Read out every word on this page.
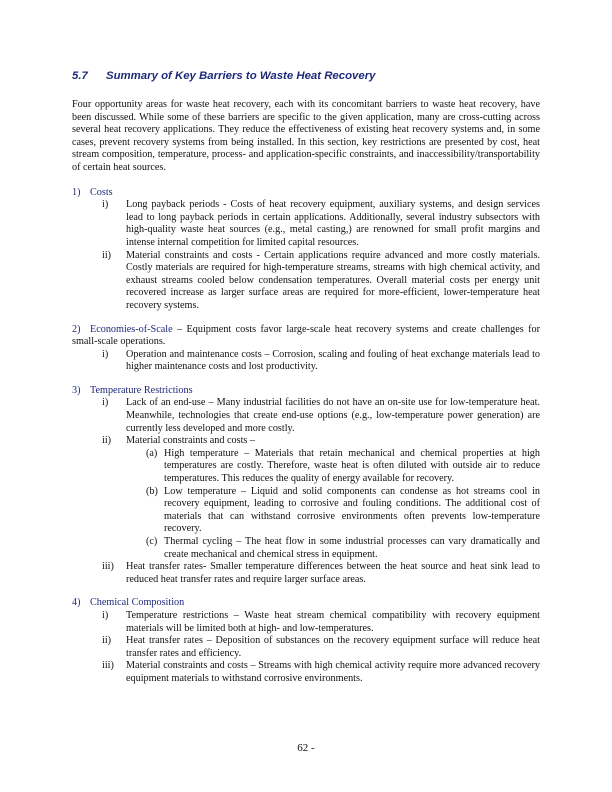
5.7	Summary of Key Barriers to Waste Heat Recovery

Four opportunity areas for waste heat recovery, each with its concomitant barriers to waste heat recovery, have been discussed. While some of these barriers are specific to the given application, many are cross-cutting across several heat recovery applications. They reduce the effectiveness of existing heat recovery systems and, in some cases, prevent recovery systems from being installed. In this section, key restrictions are presented by cost, heat stream composition, temperature, process- and application-specific constraints, and inaccessibility/transportability of certain heat sources.

1) Costs
i)	Long payback periods - Costs of heat recovery equipment, auxiliary systems, and design services lead to long payback periods in certain applications. Additionally, several industry subsectors with high-quality waste heat sources (e.g., metal casting,) are renowned for small profit margins and intense internal competition for limited capital resources.
ii)	Material constraints and costs - Certain applications require advanced and more costly materials. Costly materials are required for high-temperature streams, streams with high chemical activity, and exhaust streams cooled below condensation temperatures. Overall material costs per energy unit recovered increase as larger surface areas are required for more-efficient, lower-temperature heat recovery systems.
2) Economies-of-Scale – Equipment costs favor large-scale heat recovery systems and create challenges for small-scale operations.
i)	Operation and maintenance costs – Corrosion, scaling and fouling of heat exchange materials lead to higher maintenance costs and lost productivity.
3) Temperature Restrictions
i)	Lack of an end-use – Many industrial facilities do not have an on-site use for low-temperature heat. Meanwhile, technologies that create end-use options (e.g., low-temperature power generation) are currently less developed and more costly.
ii)	Material constraints and costs –
(a) High temperature – Materials that retain mechanical and chemical properties at high temperatures are costly. Therefore, waste heat is often diluted with outside air to reduce temperatures. This reduces the quality of energy available for recovery.
(b) Low temperature – Liquid and solid components can condense as hot streams cool in recovery equipment, leading to corrosive and fouling conditions. The additional cost of materials that can withstand corrosive environments often prevents low-temperature recovery.
(c) Thermal cycling – The heat flow in some industrial processes can vary dramatically and create mechanical and chemical stress in equipment.
iii)	Heat transfer rates- Smaller temperature differences between the heat source and heat sink lead to reduced heat transfer rates and require larger surface areas.
4) Chemical Composition
i)	Temperature restrictions – Waste heat stream chemical compatibility with recovery equipment materials will be limited both at high- and low-temperatures.
ii)	Heat transfer rates – Deposition of substances on the recovery equipment surface will reduce heat transfer rates and efficiency.
iii)	Material constraints and costs – Streams with high chemical activity require more advanced recovery equipment materials to withstand corrosive environments.
62 -
